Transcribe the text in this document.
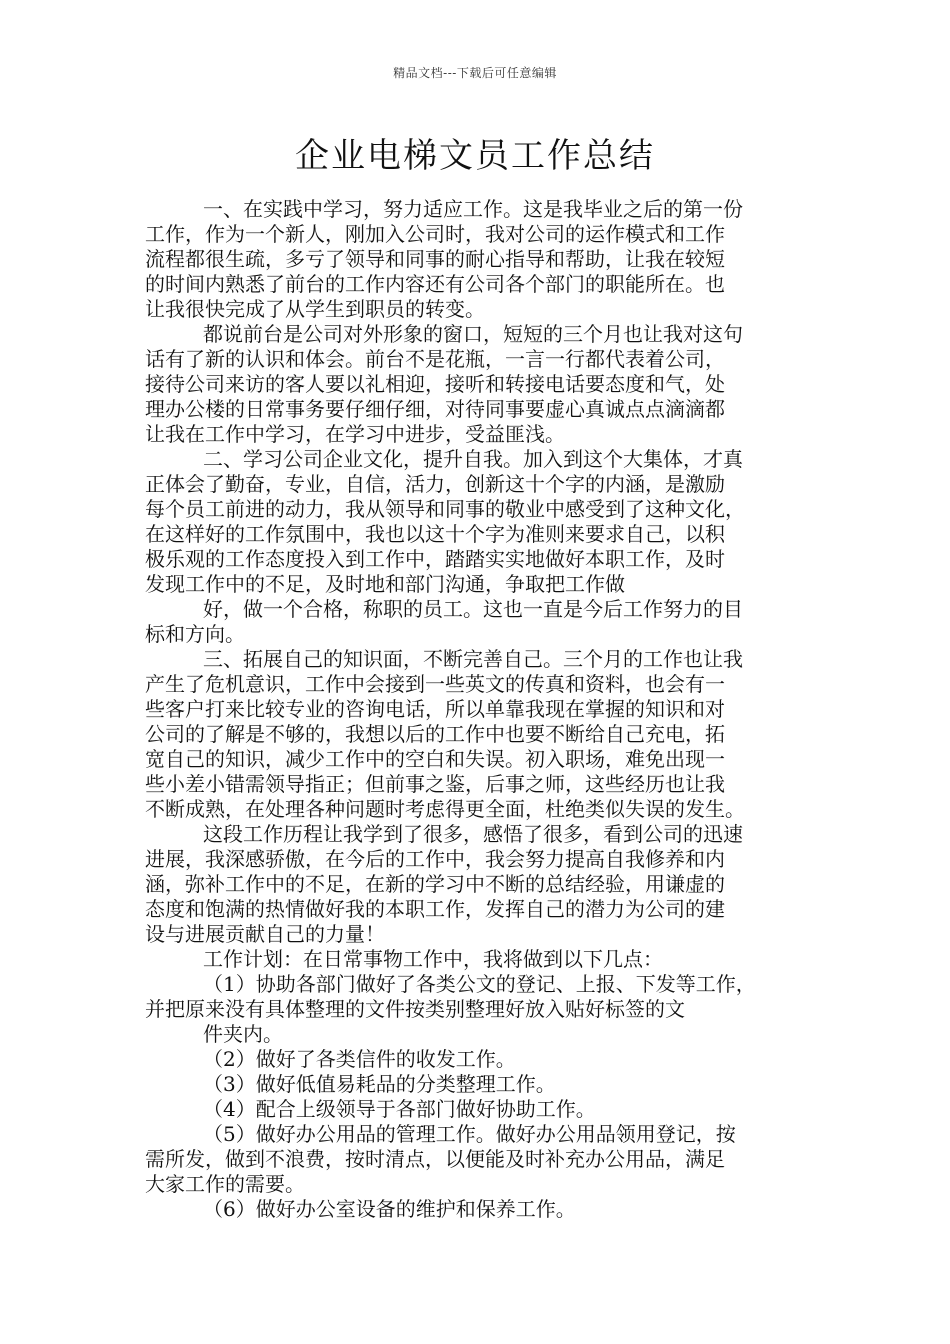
精品文档---下载后可任意编辑
企业电梯文员工作总结
一、在实践中学习，努力适应工作。这是我毕业之后的第一份
工作，作为一个新人，刚加入公司时，我对公司的运作模式和工作
流程都很生疏，多亏了领导和同事的耐心指导和帮助，让我在较短
的时间内熟悉了前台的工作内容还有公司各个部门的职能所在。也
让我很快完成了从学生到职员的转变。
都说前台是公司对外形象的窗口，短短的三个月也让我对这句
话有了新的认识和体会。前台不是花瓶，一言一行都代表着公司，
接待公司来访的客人要以礼相迎，接听和转接电话要态度和气，处
理办公楼的日常事务要仔细仔细，对待同事要虚心真诚点点滴滴都
让我在工作中学习，在学习中进步，受益匪浅。
二、学习公司企业文化，提升自我。加入到这个大集体，才真
正体会了勤奋，专业，自信，活力，创新这十个字的内涵，是激励
每个员工前进的动力，我从领导和同事的敬业中感受到了这种文化，
在这样好的工作氛围中，我也以这十个字为准则来要求自己，以积
极乐观的工作态度投入到工作中，踏踏实实地做好本职工作，及时
发现工作中的不足，及时地和部门沟通，争取把工作做
好，做一个合格，称职的员工。这也一直是今后工作努力的目
标和方向。
三、拓展自己的知识面，不断完善自己。三个月的工作也让我
产生了危机意识，工作中会接到一些英文的传真和资料，也会有一
些客户打来比较专业的咨询电话，所以单靠我现在掌握的知识和对
公司的了解是不够的，我想以后的工作中也要不断给自己充电，拓
宽自己的知识，减少工作中的空白和失误。初入职场，难免出现一
些小差小错需领导指正；但前事之鉴，后事之师，这些经历也让我
不断成熟，在处理各种问题时考虑得更全面，杜绝类似失误的发生。
这段工作历程让我学到了很多，感悟了很多，看到公司的迅速
进展，我深感骄傲，在今后的工作中，我会努力提高自我修养和内
涵，弥补工作中的不足，在新的学习中不断的总结经验，用谦虚的
态度和饱满的热情做好我的本职工作，发挥自己的潜力为公司的建
设与进展贡献自己的力量！
工作计划：在日常事物工作中，我将做到以下几点：
（1）协助各部门做好了各类公文的登记、上报、下发等工作，
并把原来没有具体整理的文件按类别整理好放入贴好标签的文
件夹内。
（2）做好了各类信件的收发工作。
（3）做好低值易耗品的分类整理工作。
（4）配合上级领导于各部门做好协助工作。
（5）做好办公用品的管理工作。做好办公用品领用登记，按
需所发，做到不浪费，按时清点，以便能及时补充办公用品，满足
大家工作的需要。
（6）做好办公室设备的维护和保养工作。
